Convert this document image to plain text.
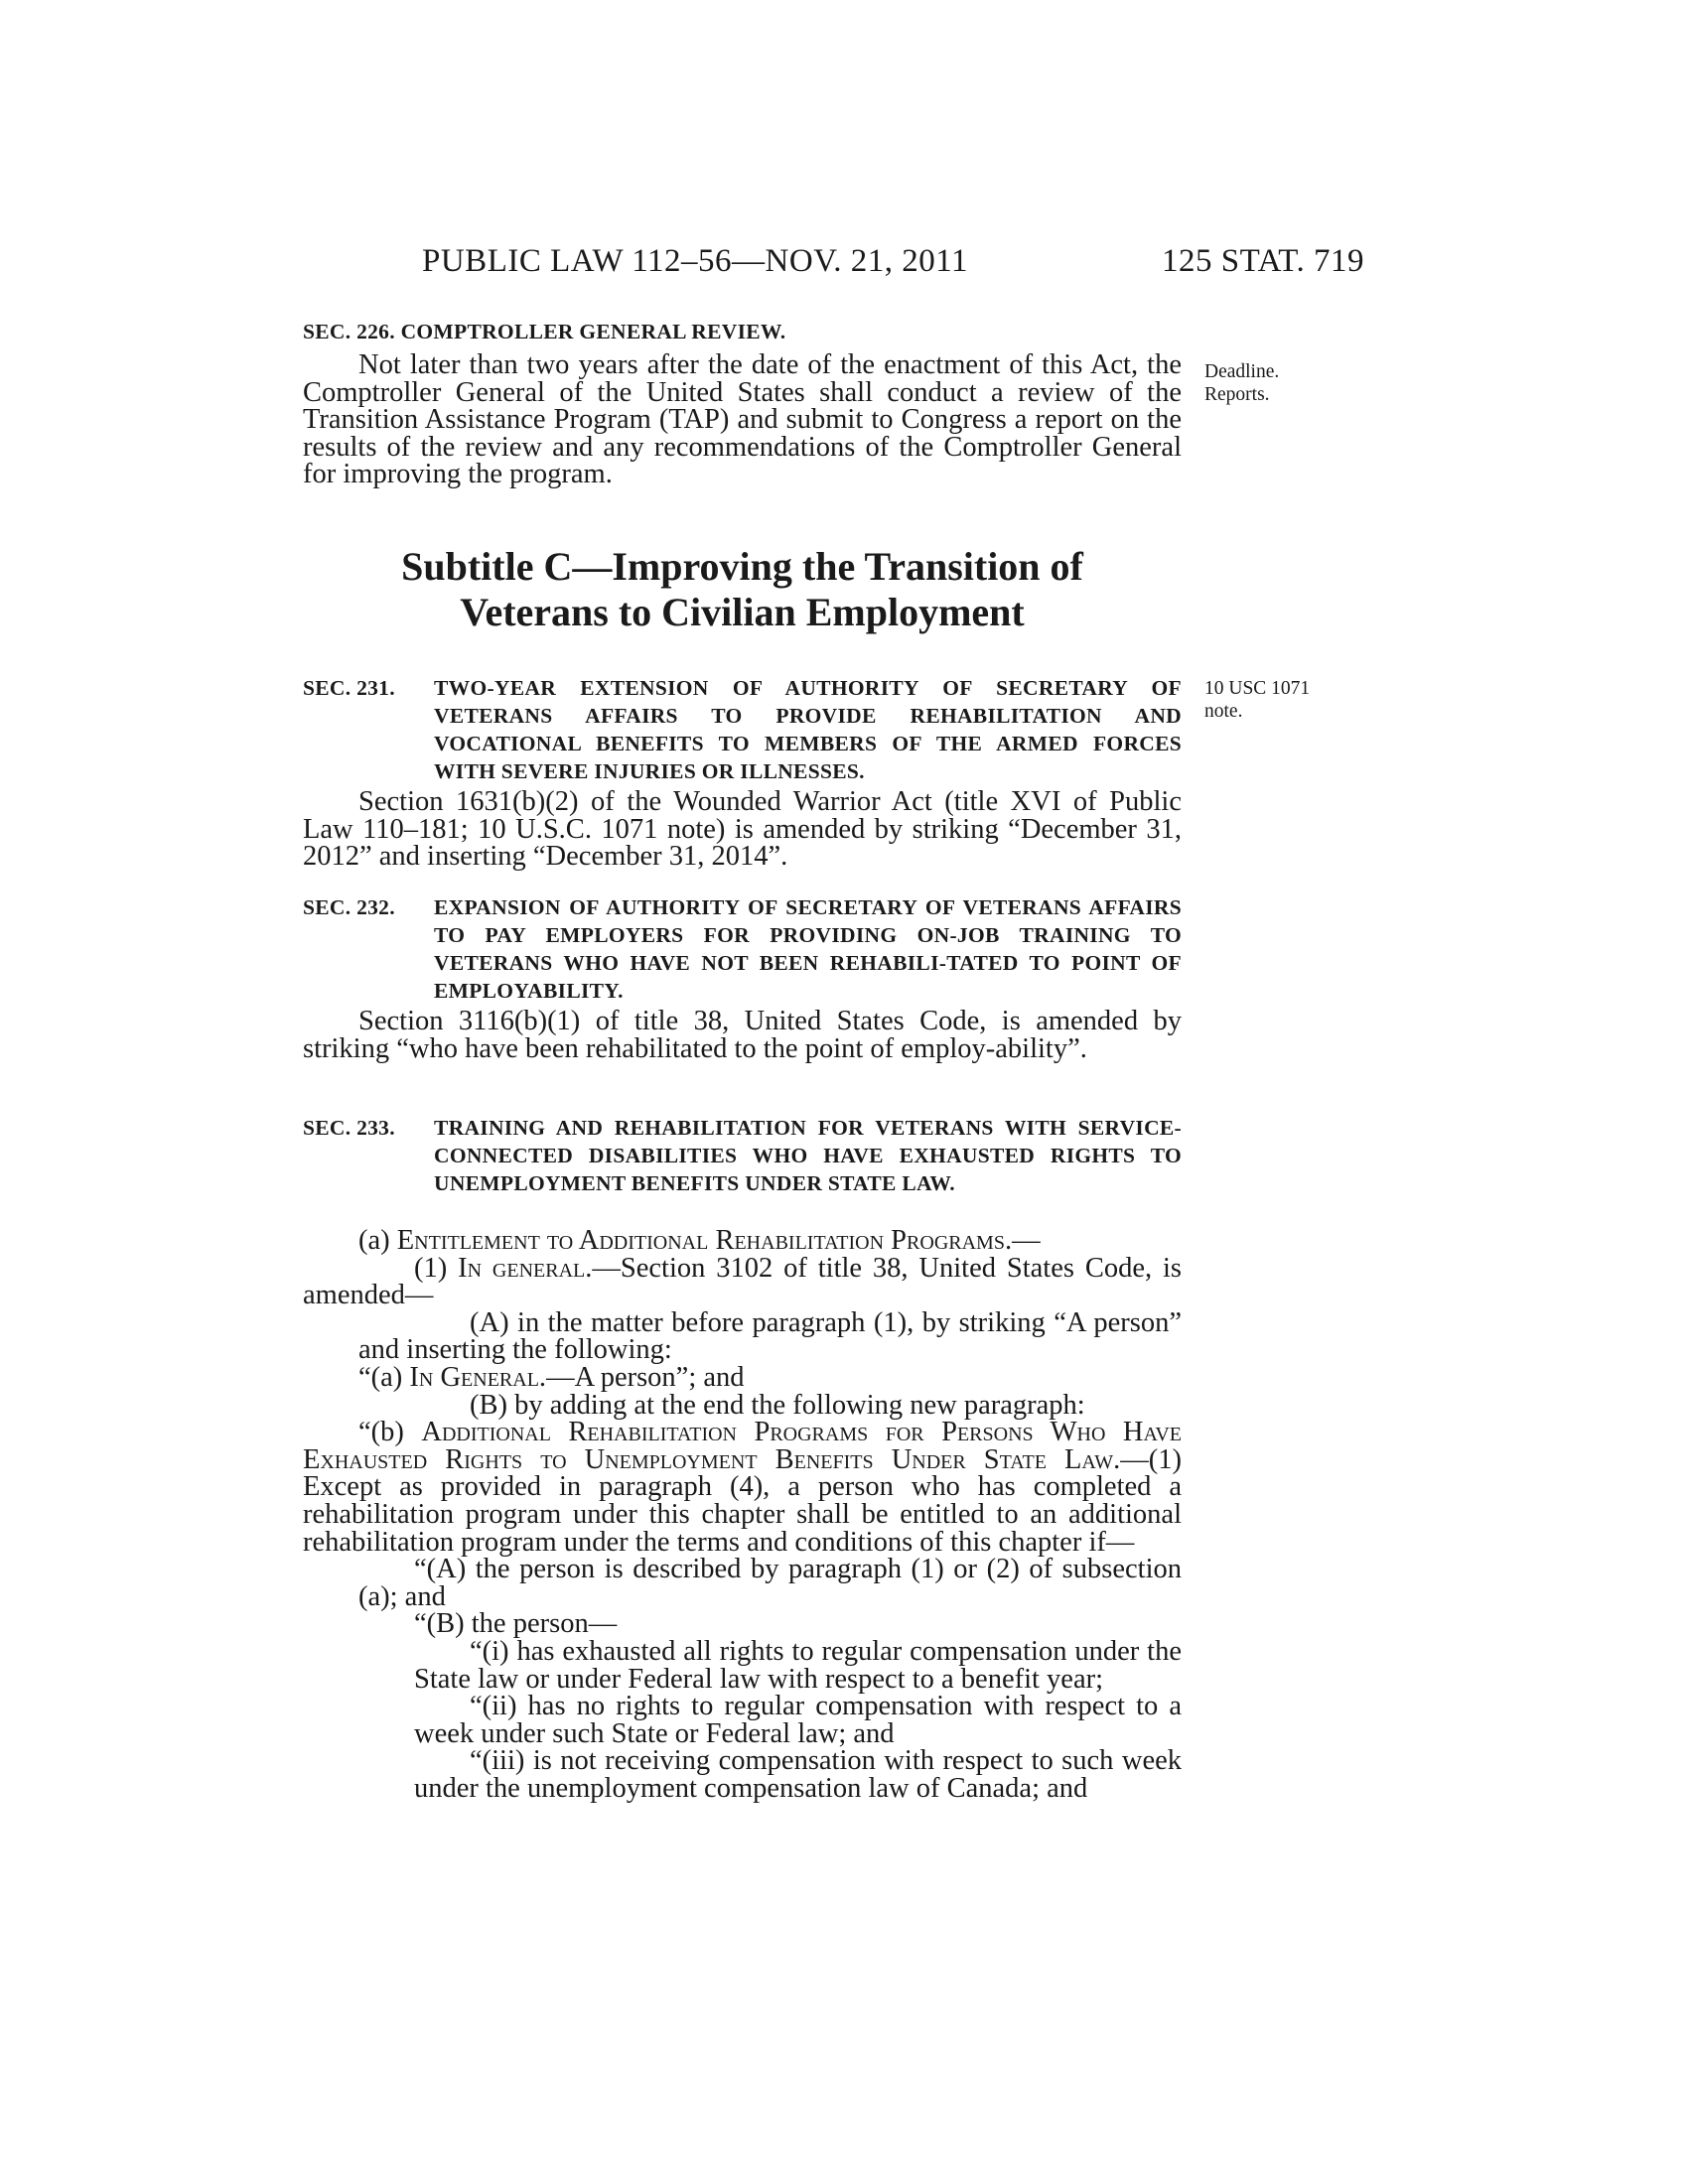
PUBLIC LAW 112–56—NOV. 21, 2011	125 STAT. 719
SEC. 226. COMPTROLLER GENERAL REVIEW.
Not later than two years after the date of the enactment of this Act, the Comptroller General of the United States shall conduct a review of the Transition Assistance Program (TAP) and submit to Congress a report on the results of the review and any recommendations of the Comptroller General for improving the program.
Deadline.
Reports.
Subtitle C—Improving the Transition of
Veterans to Civilian Employment
SEC. 231. TWO-YEAR EXTENSION OF AUTHORITY OF SECRETARY OF VETERANS AFFAIRS TO PROVIDE REHABILITATION AND VOCATIONAL BENEFITS TO MEMBERS OF THE ARMED FORCES WITH SEVERE INJURIES OR ILLNESSES.
10 USC 1071
note.
Section 1631(b)(2) of the Wounded Warrior Act (title XVI of Public Law 110–181; 10 U.S.C. 1071 note) is amended by striking “December 31, 2012” and inserting “December 31, 2014”.
SEC. 232. EXPANSION OF AUTHORITY OF SECRETARY OF VETERANS AFFAIRS TO PAY EMPLOYERS FOR PROVIDING ON-JOB TRAINING TO VETERANS WHO HAVE NOT BEEN REHABILI-TATED TO POINT OF EMPLOYABILITY.
Section 3116(b)(1) of title 38, United States Code, is amended by striking “who have been rehabilitated to the point of employ-ability”.
SEC. 233. TRAINING AND REHABILITATION FOR VETERANS WITH SERVICE-CONNECTED DISABILITIES WHO HAVE EXHAUSTED RIGHTS TO UNEMPLOYMENT BENEFITS UNDER STATE LAW.
(a) Entitlement to Additional Rehabilitation Programs.—
(1) In general.—Section 3102 of title 38, United States Code, is amended—
(A) in the matter before paragraph (1), by striking “A person” and inserting the following:
“(a) In General.—A person”; and
(B) by adding at the end the following new paragraph:
“(b) Additional Rehabilitation Programs for Persons Who Have Exhausted Rights to Unemployment Benefits Under State Law.—(1) Except as provided in paragraph (4), a person who has completed a rehabilitation program under this chapter shall be entitled to an additional rehabilitation program under the terms and conditions of this chapter if—
“(A) the person is described by paragraph (1) or (2) of subsection (a); and
“(B) the person—
“(i) has exhausted all rights to regular compensation under the State law or under Federal law with respect to a benefit year;
“(ii) has no rights to regular compensation with respect to a week under such State or Federal law; and
“(iii) is not receiving compensation with respect to such week under the unemployment compensation law of Canada; and
